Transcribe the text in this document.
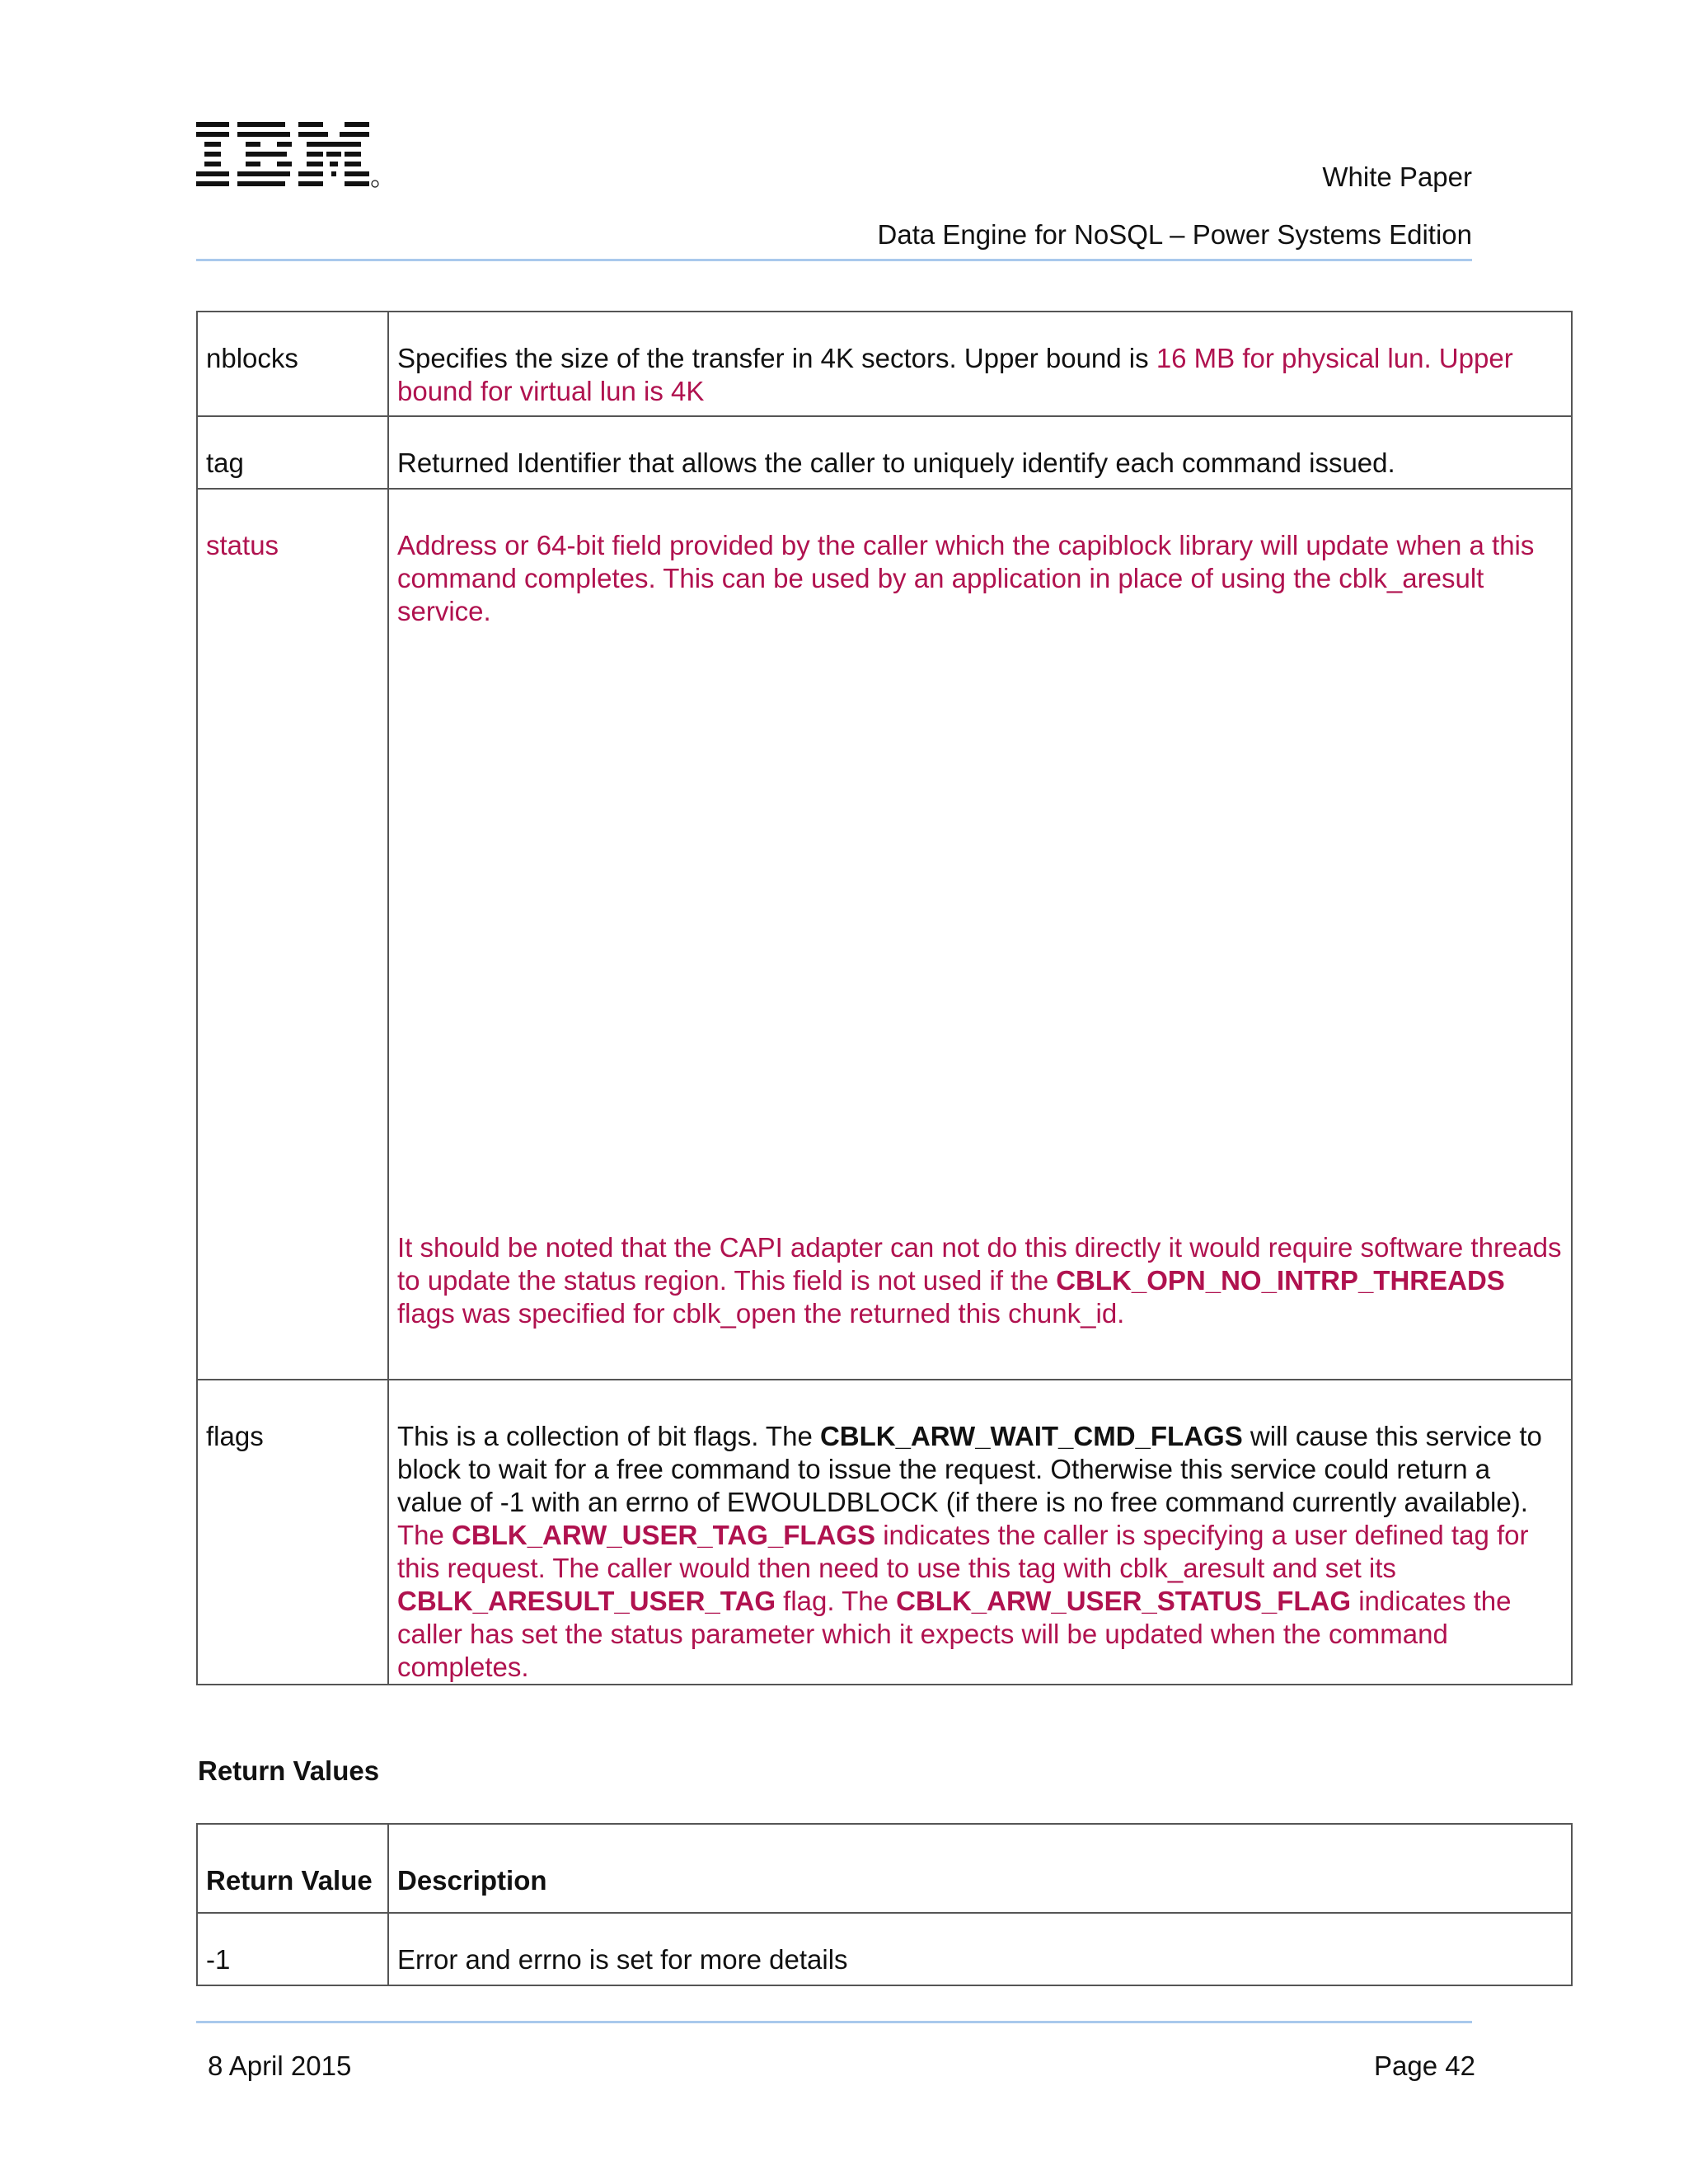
White Paper
Data Engine for NoSQL – Power Systems Edition
nblocks	Specifies the size of the transfer in 4K sectors. Upper bound is 16 MB for physical lun. Upper bound for virtual lun is 4K
tag	Returned Identifier that allows the caller to uniquely identify each command issued.
status	Address or 64-bit field provided by the caller which the capiblock library will update when a this command completes. This can be used by an application in place of using the cblk_aresult service.
It should be noted that the CAPI adapter can not do this directly it would require software threads to update the status region. This field is not used if the CBLK_OPN_NO_INTRP_THREADS flags was specified for cblk_open the returned this chunk_id.

flags	This is a collection of bit flags. The CBLK_ARW_WAIT_CMD_FLAGS will cause this service to block to wait for a free command to issue the request. Otherwise this service could return a value of -1 with an errno of EWOULDBLOCK (if there is no free command currently available). The CBLK_ARW_USER_TAG_FLAGS indicates the caller is specifying a user defined tag for this request. The caller would then need to use this tag with cblk_aresult and set its CBLK_ARESULT_USER_TAG flag. The CBLK_ARW_USER_STATUS_FLAG indicates the caller has set the status parameter which it expects will be updated when the command completes.
Return Values
Return Value	Description
-1	Error and errno is set for more details
8 April 2015	Page 42
